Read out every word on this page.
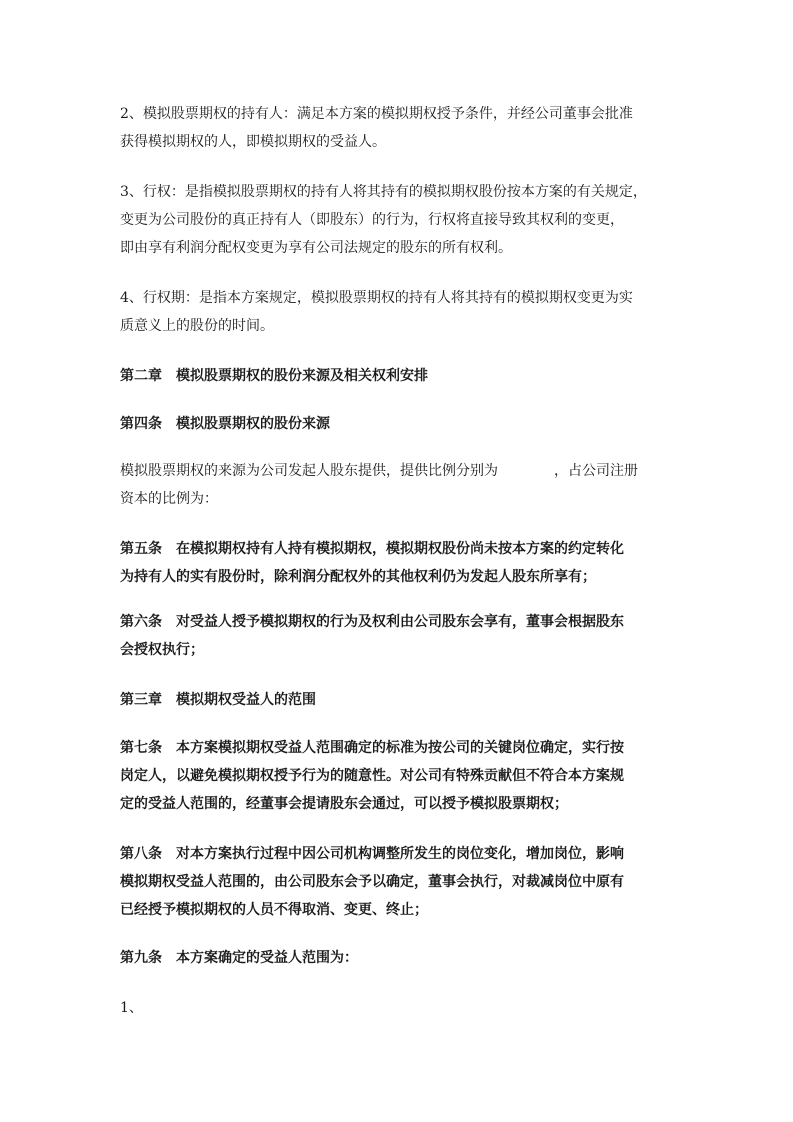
2、模拟股票期权的持有人：满足本方案的模拟期权授予条件，并经公司董事会批准
获得模拟期权的人，即模拟期权的受益人。
3、行权：是指模拟股票期权的持有人将其持有的模拟期权股份按本方案的有关规定，
变更为公司股份的真正持有人（即股东）的行为，行权将直接导致其权利的变更，
即由享有利润分配权变更为享有公司法规定的股东的所有权利。
4、行权期：是指本方案规定，模拟股票期权的持有人将其持有的模拟期权变更为实
质意义上的股份的时间。
第二章　模拟股票期权的股份来源及相关权利安排
第四条　模拟股票期权的股份来源
模拟股票期权的来源为公司发起人股东提供，提供比例分别为	，占公司注册
资本的比例为：
第五条　在模拟期权持有人持有模拟期权，模拟期权股份尚未按本方案的约定转化
为持有人的实有股份时，除利润分配权外的其他权利仍为发起人股东所享有；
第六条　对受益人授予模拟期权的行为及权利由公司股东会享有，董事会根据股东
会授权执行；
第三章　模拟期权受益人的范围
第七条　本方案模拟期权受益人范围确定的标准为按公司的关键岗位确定，实行按
岗定人，以避免模拟期权授予行为的随意性。对公司有特殊贡献但不符合本方案规
定的受益人范围的，经董事会提请股东会通过，可以授予模拟股票期权；
第八条　对本方案执行过程中因公司机构调整所发生的岗位变化，增加岗位，影响
模拟期权受益人范围的，由公司股东会予以确定，董事会执行，对裁减岗位中原有
已经授予模拟期权的人员不得取消、变更、终止；
第九条　本方案确定的受益人范围为：
1、
